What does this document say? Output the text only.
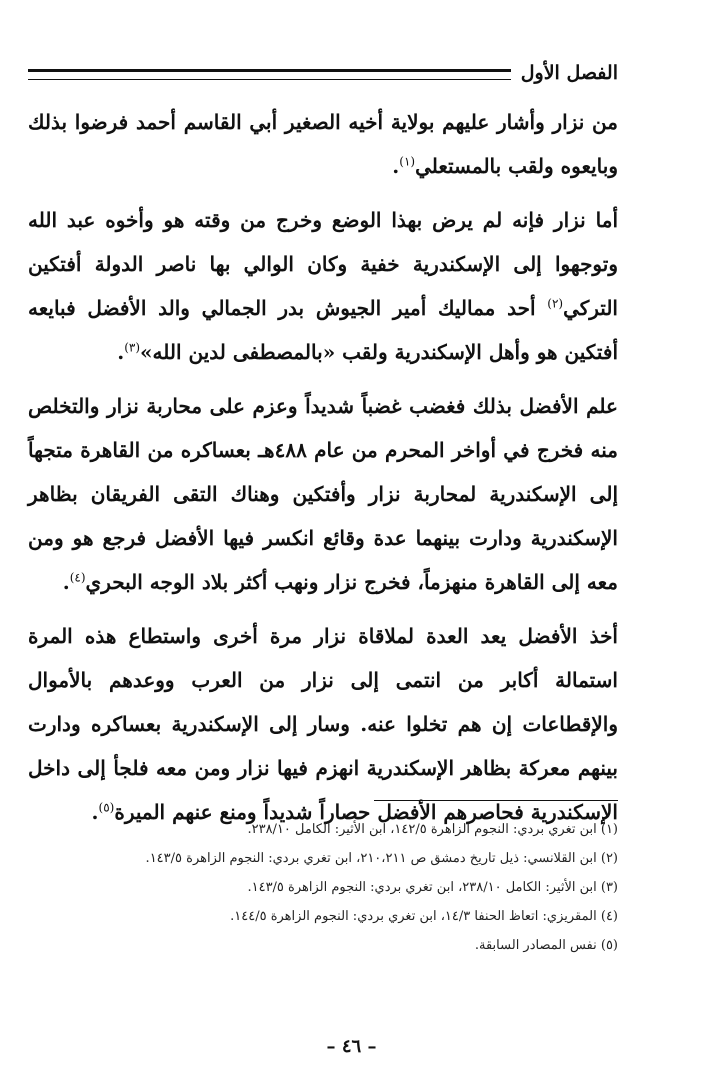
الفصل الأول

من نزار وأشار عليهم بولاية أخيه الصغير أبي القاسم أحمد فرضوا بذلك وبايعوه ولقب بالمستعلي$^{(١)}$.

أما نزار فإنه لم يرض بهذا الوضع وخرج من وقته هو وأخوه عبد الله وتوجهوا إلى الإسكندرية خفية وكان الوالي بها ناصر الدولة أفتكين التركي$^{(٢)}$ أحد مماليك أمير الجيوش بدر الجمالي والد الأفضل فبايعه أفتكين هو وأهل الإسكندرية ولقب «بالمصطفى لدين الله»$^{(٣)}$.

علم الأفضل بذلك فغضب غضباً شديداً وعزم على محاربة نزار والتخلص منه فخرج في أواخر المحرم من عام ٤٨٨هـ بعساكره من القاهرة متجهاً إلى الإسكندرية لمحاربة نزار وأفتكين وهناك التقى الفريقان بظاهر الإسكندرية ودارت بينهما عدة وقائع انكسر فيها الأفضل فرجع هو ومن معه إلى القاهرة منهزماً، فخرج نزار ونهب أكثر بلاد الوجه البحري$^{(٤)}$.

أخذ الأفضل يعد العدة لملاقاة نزار مرة أخرى واستطاع هذه المرة استمالة أكابر من انتمى إلى نزار من العرب ووعدهم بالأموال والإقطاعات إن هم تخلوا عنه. وسار إلى الإسكندرية بعساكره ودارت بينهم معركة بظاهر الإسكندرية انهزم فيها نزار ومن معه فلجأ إلى داخل الإسكندرية فحاصرهم الأفضل حصاراً شديداً ومنع عنهم الميرة$^{(٥)}$.

(١) ابن تغري بردي: النجوم الزاهرة ١٤٢/٥، ابن الأثير: الكامل ٢٣٨/١٠.
(٢) ابن القلانسي: ذيل تاريخ دمشق ص ٢١٠،٢١١، ابن تغري بردي: النجوم الزاهرة ١٤٣/٥.
(٣) ابن الأثير: الكامل ٢٣٨/١٠، ابن تغري بردي: النجوم الزاهرة ١٤٣/٥.
(٤) المقريزي: اتعاظ الحنفا ١٤/٣، ابن تغري بردي: النجوم الزاهرة ١٤٤/٥.
(٥) نفس المصادر السابقة.
– ٤٦ –
